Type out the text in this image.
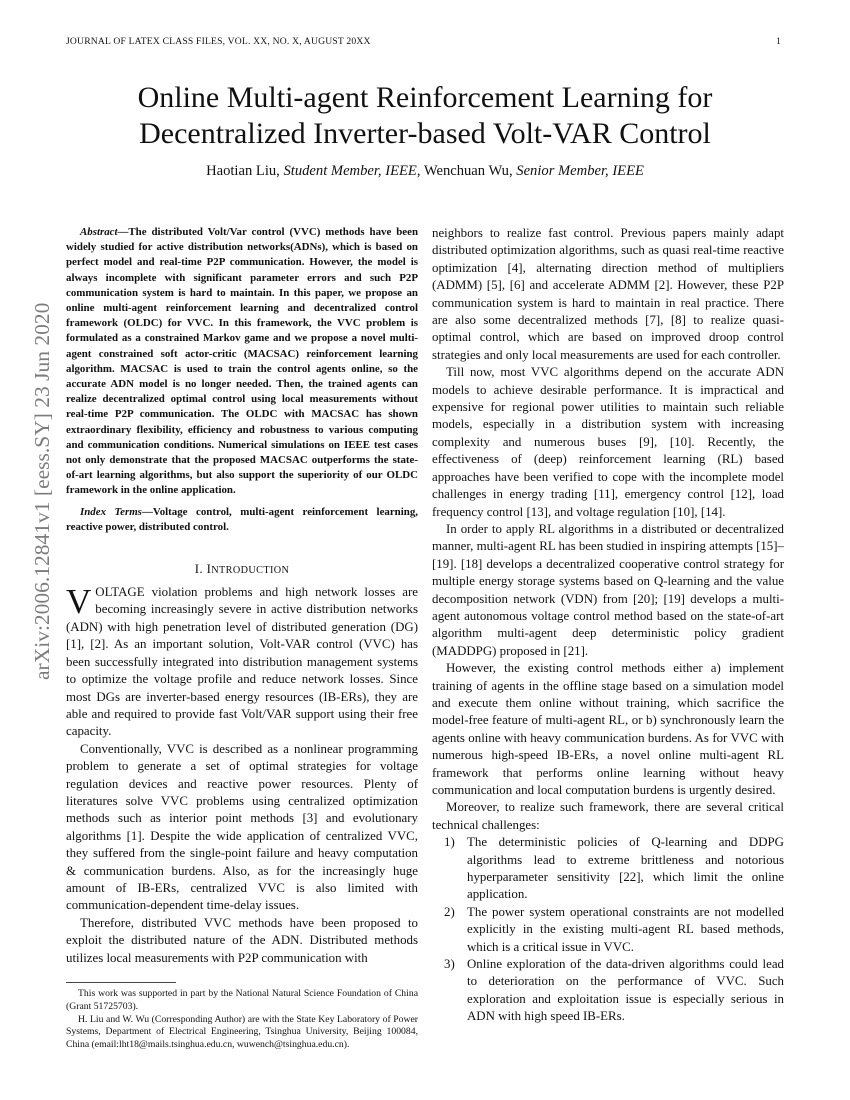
JOURNAL OF LATEX CLASS FILES, VOL. XX, NO. X, AUGUST 20XX	1
Online Multi-agent Reinforcement Learning for
Decentralized Inverter-based Volt-VAR Control
Haotian Liu, Student Member, IEEE, Wenchuan Wu, Senior Member, IEEE
arXiv:2006.12841v1 [eess.SY] 23 Jun 2020

Abstract—The distributed Volt/Var control (VVC) methods have been widely studied for active distribution networks(ADNs), which is based on perfect model and real-time P2P communication. However, the model is always incomplete with significant parameter errors and such P2P communication system is hard to maintain. In this paper, we propose an online multi-agent reinforcement learning and decentralized control framework (OLDC) for VVC. In this framework, the VVC problem is formulated as a constrained Markov game and we propose a novel multi-agent constrained soft actor-critic (MACSAC) reinforcement learning algorithm. MACSAC is used to train the control agents online, so the accurate ADN model is no longer needed. Then, the trained agents can realize decentralized optimal control using local measurements without real-time P2P communication. The OLDC with MACSAC has shown extraordinary flexibility, efficiency and robustness to various computing and communication conditions. Numerical simulations on IEEE test cases not only demonstrate that the proposed MACSAC outperforms the state-of-art learning algorithms, but also support the superiority of our OLDC framework in the online application.

Index Terms—Voltage control, multi-agent reinforcement learning, reactive power, distributed control.

I. INTRODUCTION

VOLTAGE violation problems and high network losses are becoming increasingly severe in active distribution networks (ADN) with high penetration level of distributed generation (DG) [1], [2]. As an important solution, Volt-VAR control (VVC) has been successfully integrated into distribution management systems to optimize the voltage profile and reduce network losses. Since most DGs are inverter-based energy resources (IB-ERs), they are able and required to provide fast Volt/VAR support using their free capacity.

Conventionally, VVC is described as a nonlinear programming problem to generate a set of optimal strategies for voltage regulation devices and reactive power resources. Plenty of literatures solve VVC problems using centralized optimization methods such as interior point methods [3] and evolutionary algorithms [1]. Despite the wide application of centralized VVC, they suffered from the single-point failure and heavy computation & communication burdens. Also, as for the increasingly huge amount of IB-ERs, centralized VVC is also limited with communication-dependent time-delay issues.

Therefore, distributed VVC methods have been proposed to exploit the distributed nature of the ADN. Distributed methods utilizes local measurements with P2P communication with

This work was supported in part by the National Natural Science Foundation of China (Grant 51725703).

H. Liu and W. Wu (Corresponding Author) are with the State Key Laboratory of Power Systems, Department of Electrical Engineering, Tsinghua University, Beijing 100084, China (email:lht18@mails.tsinghua.edu.cn, wuwench@tsinghua.edu.cn).

neighbors to realize fast control. Previous papers mainly adapt distributed optimization algorithms, such as quasi real-time reactive optimization [4], alternating direction method of multipliers (ADMM) [5], [6] and accelerate ADMM [2]. However, these P2P communication system is hard to maintain in real practice. There are also some decentralized methods [7], [8] to realize quasi-optimal control, which are based on improved droop control strategies and only local measurements are used for each controller.

Till now, most VVC algorithms depend on the accurate ADN models to achieve desirable performance. It is impractical and expensive for regional power utilities to maintain such reliable models, especially in a distribution system with increasing complexity and numerous buses [9], [10]. Recently, the effectiveness of (deep) reinforcement learning (RL) based approaches have been verified to cope with the incomplete model challenges in energy trading [11], emergency control [12], load frequency control [13], and voltage regulation [10], [14].

In order to apply RL algorithms in a distributed or decentralized manner, multi-agent RL has been studied in inspiring attempts [15]–[19]. [18] develops a decentralized cooperative control strategy for multiple energy storage systems based on Q-learning and the value decomposition network (VDN) from [20]; [19] develops a multi-agent autonomous voltage control method based on the state-of-art algorithm multi-agent deep deterministic policy gradient (MADDPG) proposed in [21].

However, the existing control methods either a) implement training of agents in the offline stage based on a simulation model and execute them online without training, which sacrifice the model-free feature of multi-agent RL, or b) synchronously learn the agents online with heavy communication burdens. As for VVC with numerous high-speed IB-ERs, a novel online multi-agent RL framework that performs online learning without heavy communication and local computation burdens is urgently desired.

Moreover, to realize such framework, there are several critical technical challenges:

1) The deterministic policies of Q-learning and DDPG algorithms lead to extreme brittleness and notorious hyperparameter sensitivity [22], which limit the online application.
2) The power system operational constraints are not modelled explicitly in the existing multi-agent RL based methods, which is a critical issue in VVC.
3) Online exploration of the data-driven algorithms could lead to deterioration on the performance of VVC. Such exploration and exploitation issue is especially serious in ADN with high speed IB-ERs.
